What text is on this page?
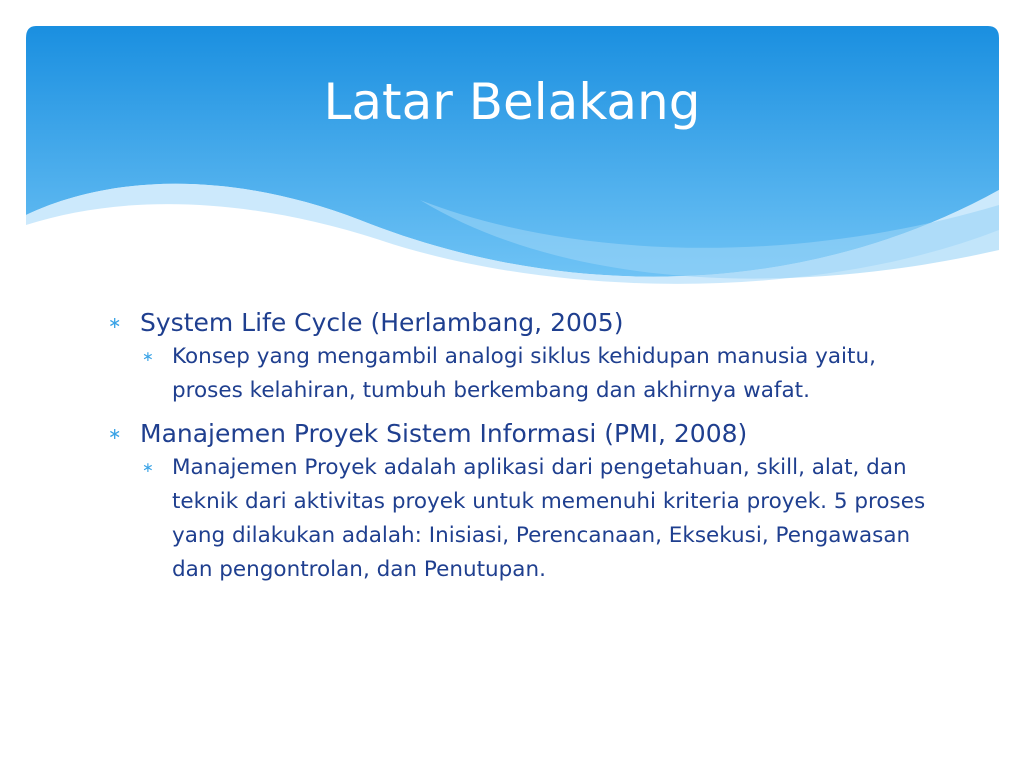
Latar Belakang
∗ System Life Cycle (Herlambang, 2005)
∗ Konsep yang mengambil analogi siklus kehidupan manusia yaitu, proses kelahiran, tumbuh berkembang dan akhirnya wafat.
∗ Manajemen Proyek Sistem Informasi (PMI, 2008)
∗ Manajemen Proyek adalah aplikasi dari pengetahuan, skill, alat, dan teknik dari aktivitas proyek untuk memenuhi kriteria proyek. 5 proses yang dilakukan adalah: Inisiasi, Perencanaan, Eksekusi, Pengawasan dan pengontrolan, dan Penutupan.
